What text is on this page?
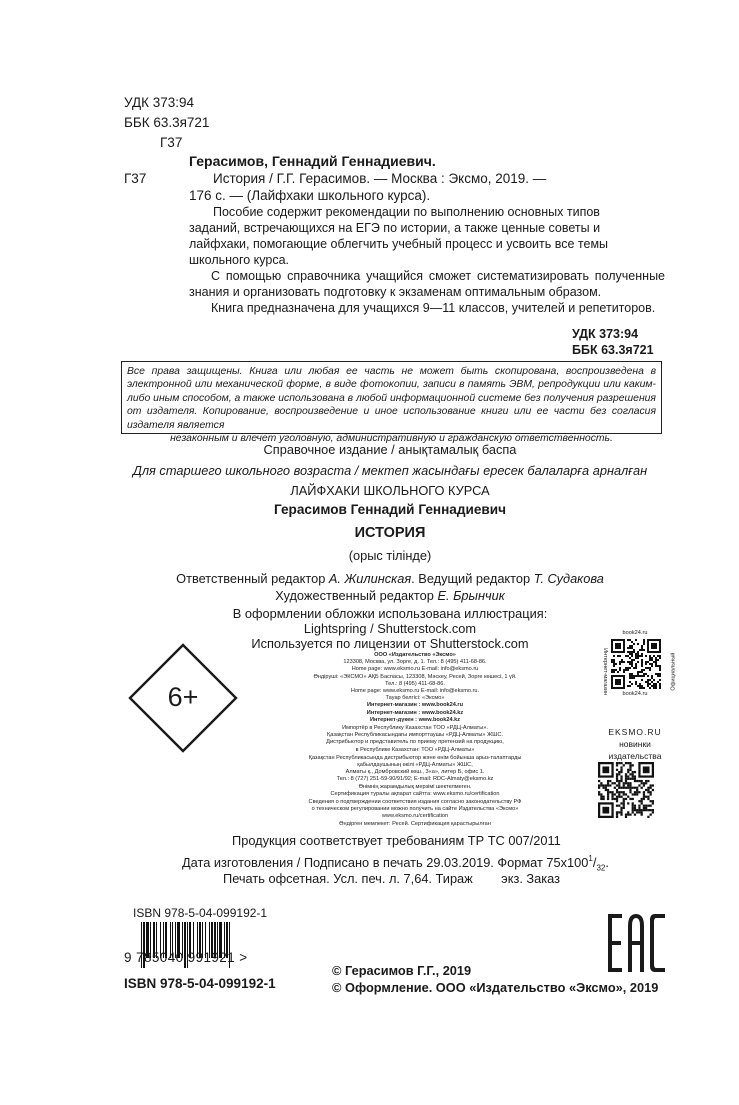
УДК 373:94
ББК 63.3я721
Г37
Г37
Герасимов, Геннадий Геннадиевич.
История / Г.Г. Герасимов. — Москва : Эксмо, 2019. —
176 с. — (Лайфхаки школьного курса).
Пособие содержит рекомендации по выполнению основных типов
заданий, встречающихся на ЕГЭ по истории, а также ценные советы и
лайфхаки, помогающие облегчить учебный процесс и усвоить все темы
школьного курса.
С помощью справочника учащийся сможет систематизировать полученные знания и организовать подготовку к экзаменам оптимальным образом.
Книга предназначена для учащихся 9—11 классов, учителей и репетиторов.
УДК 373:94
ББК 63.3я721
Все права защищены. Книга или любая ее часть не может быть скопирована, воспроизведена в электронной или механической форме, в виде фотокопии, записи в память ЭВМ, репродукции или каким-либо иным способом, а также использована в любой информационной системе без получения разрешения от издателя. Копирование, воспроизведение и иное использование книги или ее части без согласия издателя является
незаконным и влечет уголовную, административную и гражданскую ответственность.
Справочное издание / анықтамалық баспа
Для старшего школьного возраста / мектеп жасындағы ересек балаларға арналған
ЛАЙФХАКИ ШКОЛЬНОГО КУРСА
Герасимов Геннадий Геннадиевич
ИСТОРИЯ
(орыс тілінде)
Ответственный редактор А. Жилинская. Ведущий редактор Т. Судакова
Художественный редактор Е. Брынчик
В оформлении обложки использована иллюстрация:
Lightspring / Shutterstock.com
Используется по лицензии от Shutterstock.com
6+
ООО «Издательство «Эксмо»
123308, Москва, ул. Зорге, д. 1. Тел.: 8 (495) 411-68-86.
Home page: www.eksmo.ru E-mail: info@eksmo.ru
Өндіруші: «ЭКСМО» АҚБ Баспасы, 123308, Мәскеу, Ресей, Зорге көшесі, 1 үй.
Тел.: 8 (495) 411-68-86.
Home page: www.eksmo.ru E-mail: info@eksmo.ru.
Тауар белгісі: «Эксмо»
Интернет-магазин : www.book24.ru
Интернет-магазин : www.book24.kz
Интернет-дүкен : www.book24.kz
Импортёр в Республику Казахстан ТОО «РДЦ-Алматы».
Қазақстан Республикасындағы импорттаушы «РДЦ-Алматы» ЖШС.
Дистрибьютор и представитель по приему претензий на продукцию,
в Республике Казахстан: ТОО «РДЦ-Алматы»
Қазақстан Республикасында дистрибьютор және өнім бойынша арыз-талаптарды
қабылдаушының өкілі «РДЦ-Алматы» ЖШС,
Алматы қ., Домбровский көш., 3«а», литер Б, офис 1.
Тел.: 8 (727) 251-59-90/91/92; E-mail: RDC-Almaty@eksmo.kz
Өнімнің жарамдылық мерзімі шектелмеген.
Сертификация туралы ақпарат сайтта: www.eksmo.ru/certification
Сведения о подтверждении соответствия издания согласно законодательству РФ
о техническом регулировании можно получить на сайте Издательства «Эксмо»
www.eksmo.ru/certification
Өндірген мемлекет: Ресей. Сертификация қарастырылған
book24.ru
Интернет-магазин	Официальный
book24.ru
EKSMO.RU
новинки издательства
Продукция соответствует требованиям ТР ТС 007/2011
Дата изготовления / Подписано в печать 29.03.2019. Формат $75х100^1/_{32}$.
Печать офсетная. Усл. печ. л. 7,64. Тираж        экз. Заказ
ISBN 978-5-04-099192-1
9 785040 991921 >
ISBN 978-5-04-099192-1
© Герасимов Г.Г., 2019
© Оформление. ООО «Издательство «Эксмо», 2019
